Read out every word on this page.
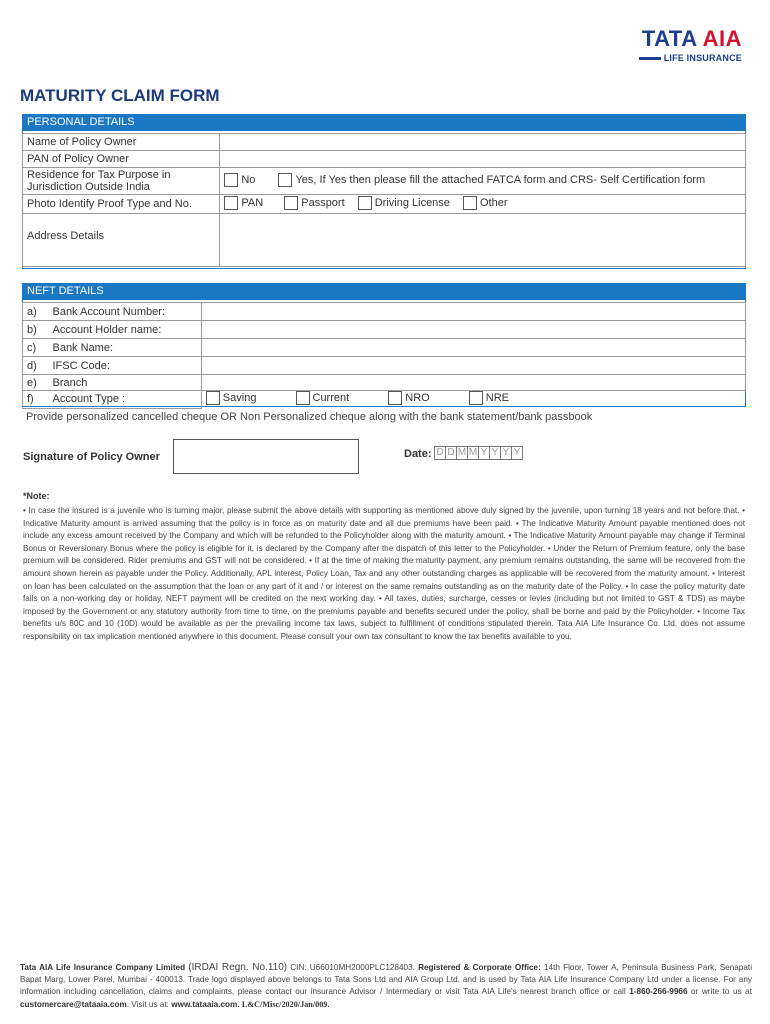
TATA AIA
LIFE INSURANCE
MATURITY CLAIM FORM
PERSONAL DETAILS
Name of Policy Owner	
PAN of Policy Owner	
Residence for Tax Purpose in Jurisdiction Outside India	No
Yes, If Yes then please fill the attached FATCA form and CRS- Self Certification form

Photo Identify Proof Type and No.	PAN
Passport
Driving License
Other

Address Details	
NEFT DETAILS
a)	Bank Account Number:	
b)	Account Holder name:	
c)	Bank Name:	
d)	IFSC Code:	
e)	Branch	
f)	Account Type :	Saving
Current
NRO
NRE
Provide personalized cancelled cheque OR Non Personalized cheque along with the bank statement/bank passbook
Signature of Policy Owner	Date: D D M M Y Y Y Y
*Note:
• In case the insured is a juvenile who is turning major, please submit the above details with supporting as mentioned above duly signed by the juvenile, upon turning 18 years and not before that. • Indicative Maturity amount is arrived assuming that the policy is in force as on maturity date and all due premiums have been paid. • The Indicative Maturity Amount payable mentioned does not include any excess amount received by the Company and which will be refunded to the Policyholder along with the maturity amount. • The Indicative Maturity Amount payable may change if Terminal Bonus or Reversionary Bonus where the policy is eligible for it, is declared by the Company after the dispatch of this letter to the Policyholder. • Under the Return of Premium feature, only the base premium will be considered. Rider premiums and GST will not be considered. • If at the time of making the maturity payment, any premium remains outstanding, the same will be recovered from the amount shown herein as payable under the Policy. Additionally, APL interest, Policy Loan, Tax and any other outstanding charges as applicable will be recovered from the maturity amount. • Interest on loan has been calculated on the assumption that the loan or any part of it and / or interest on the same remains outstanding as on the maturity date of the Policy. • In case the policy maturity date falls on a non-working day or holiday, NEFT payment will be credited on the next working day. • All taxes, duties, surcharge, cesses or levies (including but not limited to GST & TDS) as maybe imposed by the Government or any statutory authority from time to time, on the premiums payable and benefits secured under the policy, shall be borne and paid by the Policyholder. • Income Tax benefits u/s 80C and 10 (10D) would be available as per the prevailing income tax laws, subject to fulfillment of conditions stipulated therein. Tata AIA Life Insurance Co. Ltd. does not assume responsibility on tax implication mentioned anywhere in this document. Please consult your own tax consultant to know the tax benefits available to you.
Tata AIA Life Insurance Company Limited (IRDAI Regn. No.110) CIN: U66010MH2000PLC128403. Registered & Corporate Office: 14th Floor, Tower A, Peninsula Business Park, Senapati Bapat Marg, Lower Parel, Mumbai - 400013. Trade logo displayed above belongs to Tata Sons Ltd and AIA Group Ltd. and is used by Tata AIA Life Insurance Company Ltd under a license. For any information including cancellation, claims and complaints, please contact our insurance Advisor / Intermediary or visit Tata AIA Life's nearest branch office or call 1-860-266-9966 or write to us at customercare@tataaia.com. Visit us at: www.tataaia.com. L&C/Misc/2020/Jan/009.
